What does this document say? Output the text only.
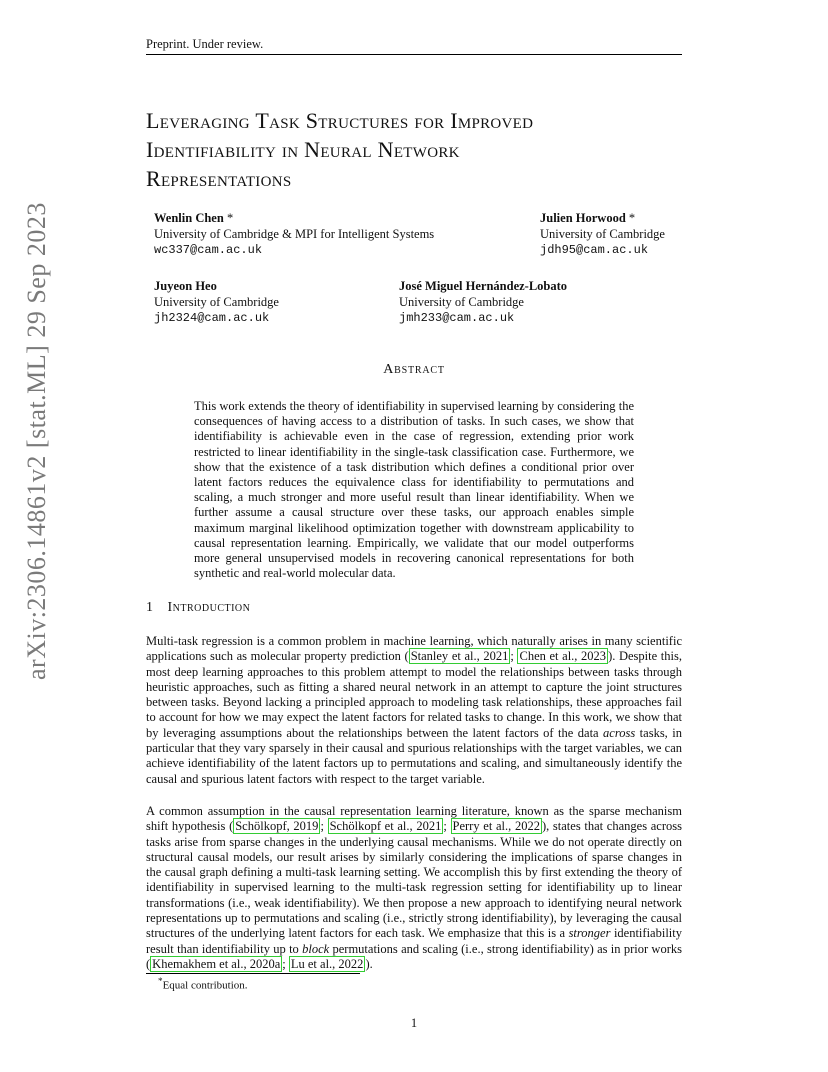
Preprint. Under review.
arXiv:2306.14861v2 [stat.ML] 29 Sep 2023
Leveraging Task Structures for Improved
Identifiability in Neural Network
Representations
Wenlin Chen *
University of Cambridge & MPI for Intelligent Systems
wc337@cam.ac.uk
Julien Horwood *
University of Cambridge
jdh95@cam.ac.uk
Juyeon Heo
University of Cambridge
jh2324@cam.ac.uk
José Miguel Hernández-Lobato
University of Cambridge
jmh233@cam.ac.uk
Abstract
This work extends the theory of identifiability in supervised learning by considering the consequences of having access to a distribution of tasks. In such cases, we show that identifiability is achievable even in the case of regression, extending prior work restricted to linear identifiability in the single-task classification case. Furthermore, we show that the existence of a task distribution which defines a conditional prior over latent factors reduces the equivalence class for identifiability to permutations and scaling, a much stronger and more useful result than linear identifiability. When we further assume a causal structure over these tasks, our approach enables simple maximum marginal likelihood optimization together with downstream applicability to causal representation learning. Empirically, we validate that our model outperforms more general unsupervised models in recovering canonical representations for both synthetic and real-world molecular data.
1 Introduction
Multi-task regression is a common problem in machine learning, which naturally arises in many scientific applications such as molecular property prediction ( Stanley et al., 2021 ; Chen et al., 2023 ). Despite this, most deep learning approaches to this problem attempt to model the relationships between tasks through heuristic approaches, such as fitting a shared neural network in an attempt to capture the joint structures between tasks. Beyond lacking a principled approach to modeling task relationships, these approaches fail to account for how we may expect the latent factors for related tasks to change. In this work, we show that by leveraging assumptions about the relationships between the latent factors of the data across tasks, in particular that they vary sparsely in their causal and spurious relationships with the target variables, we can achieve identifiability of the latent factors up to permutations and scaling, and simultaneously identify the causal and spurious latent factors with respect to the target variable.
A common assumption in the causal representation learning literature, known as the sparse mechanism shift hypothesis ( Schölkopf, 2019 ; Schölkopf et al., 2021 ; Perry et al., 2022 ), states that changes across tasks arise from sparse changes in the underlying causal mechanisms. While we do not operate directly on structural causal models, our result arises by similarly considering the implications of sparse changes in the causal graph defining a multi-task learning setting. We accomplish this by first extending the theory of identifiability in supervised learning to the multi-task regression setting for identifiability up to linear transformations (i.e., weak identifiability). We then propose a new approach to identifying neural network representations up to permutations and scaling (i.e., strictly strong identifiability), by leveraging the causal structures of the underlying latent factors for each task. We emphasize that this is a stronger identifiability result than identifiability up to block permutations and scaling (i.e., strong identifiability) as in prior works ( Khemakhem et al., 2020a ; Lu et al., 2022 ).
*Equal contribution.
1
